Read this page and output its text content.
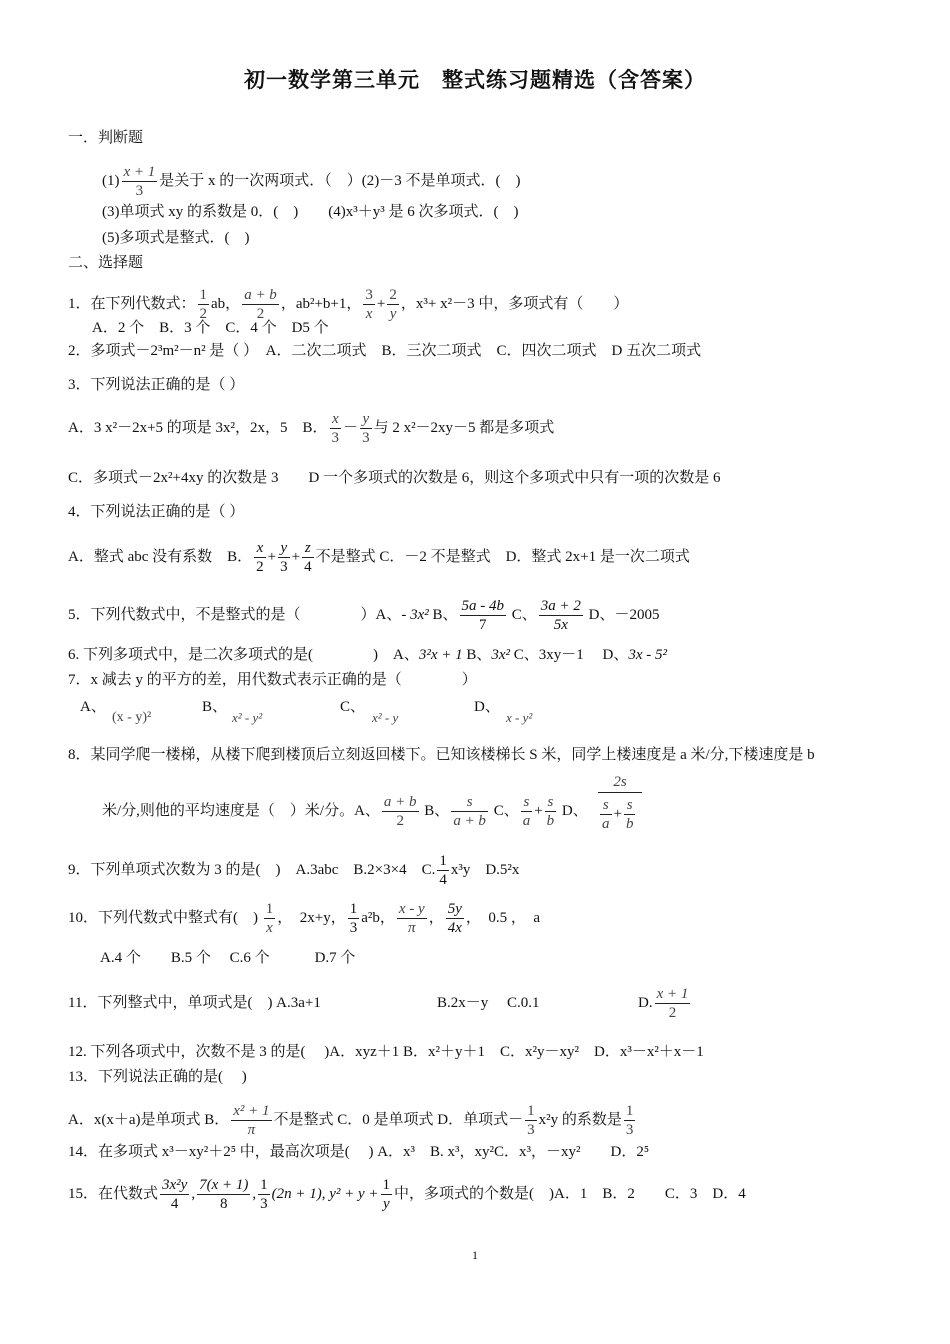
初一数学第三单元　整式练习题精选（含答案）
一．判断题
$(1) \frac{x + 1}{3}$ 是关于 x 的一次两项式．（　）(2)－3 不是单项式．(　)
(3)单项式 xy 的系数是 0．(　)　　(4)x³＋y³ 是 6 次多项式．(　)
(5)多项式是整式．(　)
二、选择题
1．在下列代数式： $\frac{1}{2}$ ab， $\frac{a + b}{2}$ ，ab²+b+1， $\frac{3}{x} + \frac{2}{y}$ ，x³+ x²－3 中，多项式有（　　）
A．2 个　B．3 个　C．4 个　D5 个
2．多项式－2³m²－n² 是（ ）　A．二次二项式　B．三次二项式　C．四次二项式　D 五次二项式
3．下列说法正确的是（ ）
A．3 x²－2x+5 的项是 3x²，2x，5　B． $\frac{x}{3} - \frac{y}{3}$ 与 2 x²－2xy－5 都是多项式
C．多项式－2x²+4xy 的次数是 3　　D 一个多项式的次数是 6，则这个多项式中只有一项的次数是 6
4．下列说法正确的是（ ）
A．整式 abc 没有系数　B． $\frac{x}{2} + \frac{y}{3} + \frac{z}{4}$ 不是整式 C．－2 不是整式　D．整式 2x+1 是一次二项式
5．下列代数式中，不是整式的是（　　　　）A、- 3x² B、 $\frac{5a - 4b}{7}$ C、 $\frac{3a + 2}{5x}$ D、－2005
6. 下列多项式中，是二次多项式的是(　　　　)　A、3²x + 1 B、3x² C、3xy－1　 D、3x - 5²
7．x 减去 y 的平方的差，用代数式表示正确的是（　　　　）
A、
(x - y)²
B、
x² - y²
C、
x² - y
D、
x - y²
8．某同学爬一楼梯，从楼下爬到楼顶后立刻返回楼下。已知该楼梯长 S 米，同学上楼速度是 a 米/分,下楼速度是 b
米/分,则他的平均速度是（　）米/分。A、 $\frac{a + b}{2}$ B、 $\frac{s}{a + b}$ C、 $\frac{s}{a} + \frac{s}{b}$ D、
2s
$\frac{s}{a} + \frac{s}{b}$
9．下列单项式次数为 3 的是(　)　A.3abc　B.2×3×4　C. $\frac{1}{4} x^3y$　D.5²x
10．下列代数式中整式有(　) $\frac{1}{x}$ ，　2x+y， $\frac{1}{3} a^2b$， $\frac{x - y}{\pi}$ ， $\frac{5y}{4x}$ ，　0.5 ，　a
A.4 个　　B.5 个　 C.6 个　　　D.7 个
11．下列整式中，单项式是(　) A.3a+1	B.2x－y　 C.0.1	D. $\frac{x + 1}{2}$
12. 下列各项式中，次数不是 3 的是(　 )A．xyz＋1 B．x²＋y＋1　C．x²y－xy²　D．x³－x²＋x－1
13．下列说法正确的是(　 )
A．x(x＋a)是单项式 B． $\frac{\text{x² + 1}}{\pi}$ 不是整式 C．0 是单项式 D．单项式－ $\frac{1}{3} x^2y$ 的系数是 $\frac{1}{3}$
14．在多项式 x³－xy²＋2⁵ 中，最高次项是(　 ) A．x³　B. x³，xy²C．x³，－xy²　　D．2⁵
15．在代数式 $\frac{\text{3x²y}}{4}$ , $\frac{7(x + 1)}{8}$ , $\frac{1}{3} (2n + 1)$, $y^2 + y + \frac{1}{y}$ 中，多项式的个数是(　)A．1　B．2　　C．3　D．4
1
